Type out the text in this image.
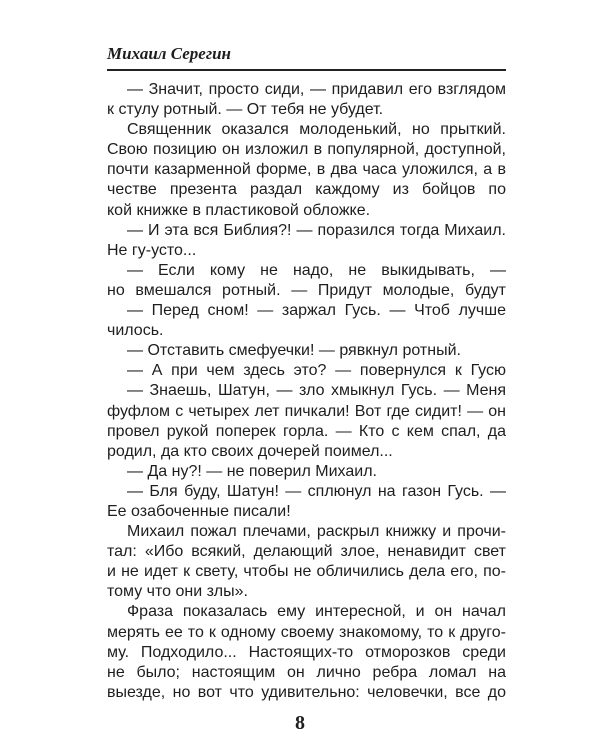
Михаил Серегин
— Значит, просто сиди, — придавил его взглядом
к стулу ротный. — От тебя не убудет.
Священник оказался молоденький, но прыткий.
Свою позицию он изложил в популярной, доступной,
почти казарменной форме, в два часа уложился, а в
честве презента раздал каждому из бойцов по
кой книжке в пластиковой обложке.
— И эта вся Библия?! — поразился тогда Михаил.
Не гу-усто...
— Если кому не надо, не выкидывать, —
но вмешался ротный. — Придут молодые, будут
— Перед сном! — заржал Гусь. — Чтоб лучше
чилось.
— Отставить смефуечки! — рявкнул ротный.
— А при чем здесь это? — повернулся к Гусю
— Знаешь, Шатун, — зло хмыкнул Гусь. — Меня
фуфлом с четырех лет пичкали! Вот где сидит! — он
провел рукой поперек горла. — Кто с кем спал, да
родил, да кто своих дочерей поимел...
— Да ну?! — не поверил Михаил.
— Бля буду, Шатун! — сплюнул на газон Гусь. —
Ее озабоченные писали!
Михаил пожал плечами, раскрыл книжку и прочи-
тал: «Ибо всякий, делающий злое, ненавидит свет
и не идет к свету, чтобы не обличились дела его, по-
тому что они злы».
Фраза показалась ему интересной, и он начал
мерять ее то к одному своему знакомому, то к друго-
му. Подходило... Настоящих-то отморозков среди
не было; настоящим он лично ребра ломал на
выезде, но вот что удивительно: человечки, все до
8
